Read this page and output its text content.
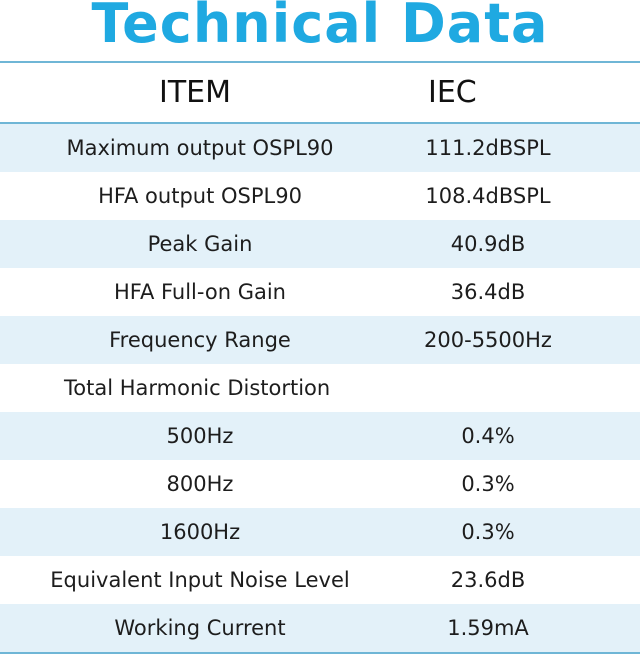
Technical Data
ITEM	IEC
Maximum output OSPL90	111.2dBSPL
HFA output OSPL90	108.4dBSPL
Peak Gain	40.9dB
HFA Full-on Gain	36.4dB
Frequency Range	200-5500Hz
Total Harmonic Distortion
500Hz	0.4%
800Hz	0.3%
1600Hz	0.3%
Equivalent Input Noise Level	23.6dB
Working Current	1.59mA
